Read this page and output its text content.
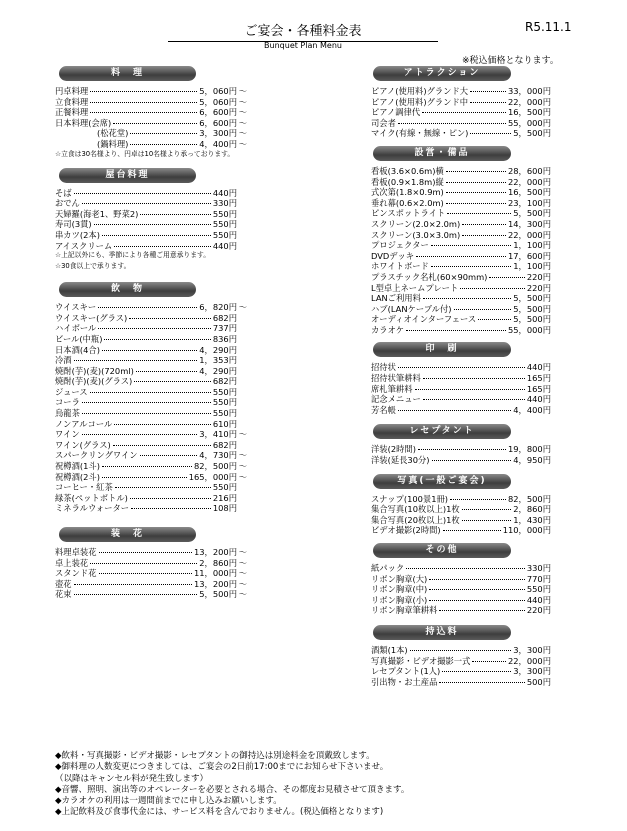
ご宴会・各種料金表
Bunquet Plan Menu
R5.11.1
※税込価格となります。
料　理
円卓料理	5，060円 ～
立食料理	5，060円 ～
正餐料理	6，600円 ～
日本料理(会席)	6，600円 ～
(松花堂)	3，300円 ～
(鍋料理)	4，400円 ～
☆立食は30名様より、円卓は10名様より承っております。
屋台料理
そば	440円
おでん	330円
天婦羅(海老1、野菜2)	550円
寿司(3貫)	550円
串カツ(2本)	550円
アイスクリーム	440円
☆上記以外にも、季節により各種ご用意承ります。
☆30食以上で承ります。
飲　物
ウイスキー	6，820円 ～
ウイスキー(グラス)	682円
ハイボール	737円
ビール(中瓶)	836円
日本酒(4合)	4，290円
冷酒	1，353円
焼酎(芋)(麦)(720ml)	4，290円
焼酎(芋)(麦)(グラス)	682円
ジュース	550円
コーラ	550円
烏龍茶	550円
ノンアルコール	610円
ワイン	3，410円 ～
ワイン(グラス)	682円
スパークリングワイン	4，730円 ～
祝樽酒(1斗)	82，500円 ～
祝樽酒(2斗)	165，000円 ～
コーヒー・紅茶	550円
緑茶(ペットボトル)	216円
ミネラルウォーター	108円
装　花
料理卓装花	13，200円 ～
卓上装花	2，860円 ～
スタンド花	11，000円 ～
壺花	13，200円 ～
花束	5，500円 ～
アトラクション
ピアノ(使用料)グランド大	33，000円
ピアノ(使用料)グランド中	22，000円
ピアノ調律代	16，500円
司会者	55，000円
マイク(有線・無線・ピン)	5，500円
設営・備品
看板(3.6×0.6m)横	28，600円
看板(0.9×1.8m)縦	22，000円
式次第(1.8×0.9m)	16，500円
垂れ幕(0.6×2.0m)	23，100円
ピンスポットライト	5，500円
スクリーン(2.0×2.0m)	14，300円
スクリーン(3.0×3.0m)	22，000円
プロジェクター	1，100円
DVDデッキ	17，600円
ホワイトボード	1，100円
プラスチック名札(60×90mm)	220円
L型卓上ネームプレート	220円
LANご利用料	5，500円
ハブ(LANケーブル付)	5，500円
オーディオインターフェース	5，500円
カラオケ	55，000円
印　刷
招待状	440円
招待状筆耕料	165円
席札筆耕料	165円
記念メニュー	440円
芳名帳	4，400円
レセプタント
洋装(2時間)	19，800円
洋装(延長30分)	4，950円
写真(一般ご宴会)
スナップ(100景1冊)	82，500円
集合写真(10枚以上)1枚	2，860円
集合写真(20枚以上)1枚	1，430円
ビデオ撮影(2時間)	110，000円
その他
紙パック	330円
リボン胸章(大)	770円
リボン胸章(中)	550円
リボン胸章(小)	440円
リボン胸章筆耕料	220円
持込料
酒類(1本)	3，300円
写真撮影・ビデオ撮影一式	22，000円
レセプタント(1人)	3，300円
引出物・お土産品	500円
◆飲料・写真撮影・ビデオ撮影・レセプタントの御持込は別途料金を頂戴致します。
◆御料理の人数変更につきましては、ご宴会の2日前17:00までにお知らせ下さいませ。
（以降はキャンセル料が発生致します）
◆音響、照明、演出等のオペレーターを必要とされる場合、その都度お見積させて頂きます。
◆カラオケの利用は一週間前までに申し込みお願いします。
◆上記飲料及び食事代金には、サービス料を含んでおりません。(税込価格となります)
